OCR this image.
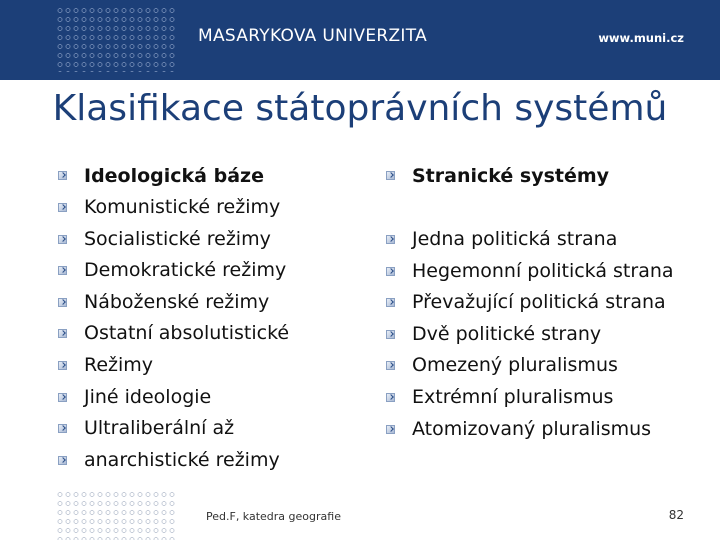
MASARYKOVA UNIVERZITA	www.muni.cz
Klasifikace státoprávních systémů
Ideologická báze
Komunistické režimy
Socialistické režimy
Demokratické režimy
Náboženské režimy
Ostatní absolutistické
Režimy
Jiné ideologie
Ultraliberální až
anarchistické režimy
Stranické systémy
Jedna politická strana
Hegemonní politická strana
Převažující politická strana
Dvě politické strany
Omezený pluralismus
Extrémní pluralismus
Atomizovaný pluralismus
Ped.F, katedra geografie	82
